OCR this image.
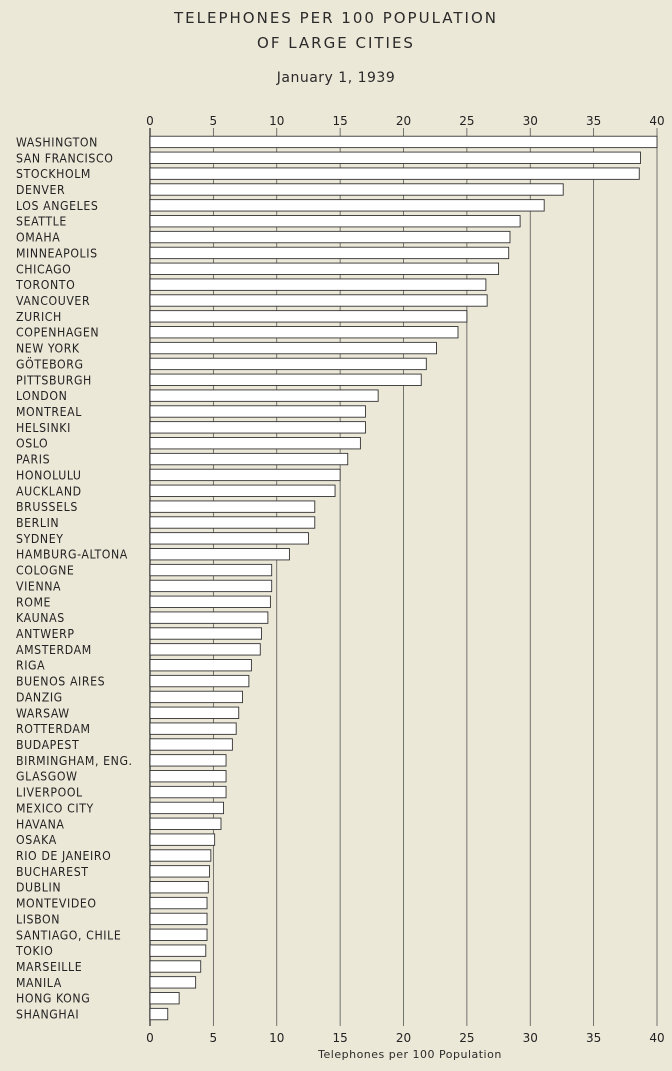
TELEPHONES PER 100 POPULATION
OF LARGE CITIES

January 1, 1939

WASHINGTON
SAN FRANCISCO
STOCKHOLM
DENVER
LOS ANGELES
SEATTLE
OMAHA
MINNEAPOLIS
CHICAGO
TORONTO
VANCOUVER
ZURICH
COPENHAGEN
NEW YORK
GÖTEBORG
PITTSBURGH
LONDON
MONTREAL
HELSINKI
OSLO
PARIS
HONOLULU
AUCKLAND
BRUSSELS
BERLIN
SYDNEY
HAMBURG-ALTONA
COLOGNE
VIENNA
ROME
KAUNAS
ANTWERP
AMSTERDAM
RIGA
BUENOS AIRES
DANZIG
WARSAW
ROTTERDAM
BUDAPEST
BIRMINGHAM, ENG.
GLASGOW
LIVERPOOL
MEXICO CITY
HAVANA
OSAKA
RIO DE JANEIRO
BUCHAREST
DUBLIN
MONTEVIDEO
LISBON
SANTIAGO, CHILE
TOKIO
MARSEILLE
MANILA
HONG KONG
SHANGHAI
0
0
5
5
10
10
15
15
20
20
25
25
30
30
35
35
40
40

Telephones per 100 Population
